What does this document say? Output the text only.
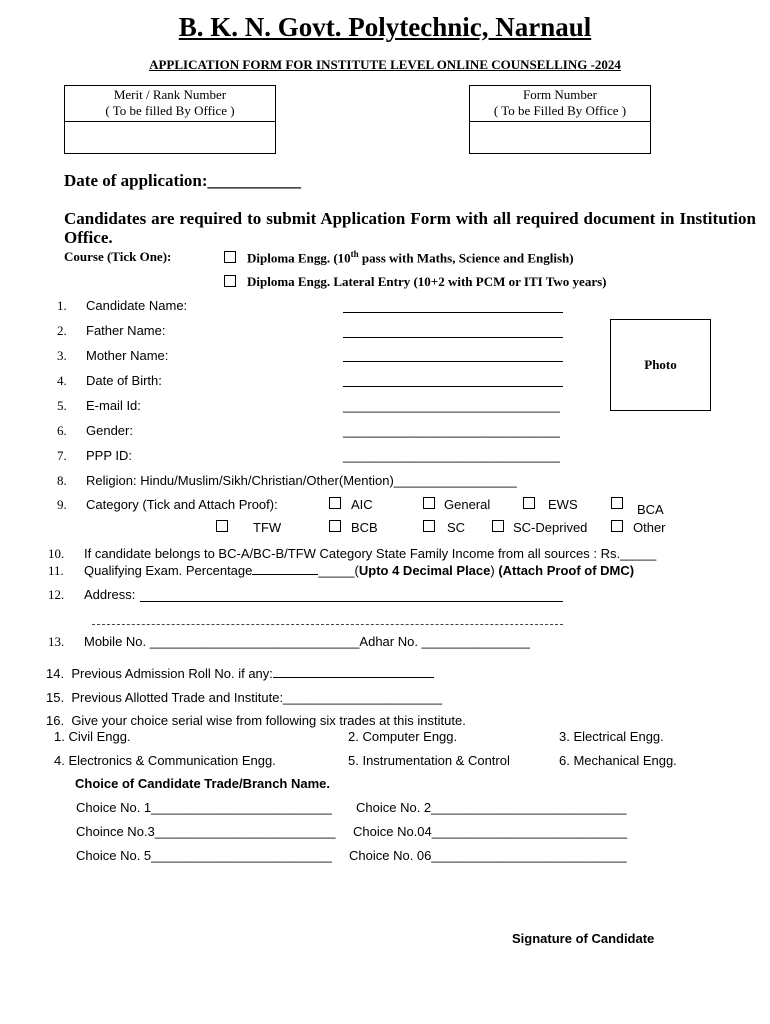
B. K. N. Govt. Polytechnic, Narnaul
APPLICATION FORM FOR INSTITUTE LEVEL ONLINE COUNSELLING -2024
Merit / Rank Number
( To be filled By Office )
Form Number
( To be Filled By Office )
Date of application:___________
Candidates are required to submit Application Form with all required document in Institution Office.
Course (Tick One):	Diploma Engg. (10th pass with Maths, Science and English)
Diploma Engg. Lateral Entry (10+2 with PCM or ITI Two years)
1. Candidate Name:
2. Father Name:
3. Mother Name:
4. Date of Birth:
5. E-mail Id:	______________________________
6. Gender:	______________________________
7. PPP ID:	______________________________
Photo
8. Religion: Hindu/Muslim/Sikh/Christian/Other(Mention)_________________
9. Category (Tick and Attach Proof):	AIC	General	EWS	BCA
TFW	BCB	SC	SC-Deprived	Other
10. If candidate belongs to BC-A/BC-B/TFW Category State Family Income from all sources : Rs._____
11. Qualifying Exam. Percentage	_____(Upto 4 Decimal Place) (Attach Proof of DMC)
12. Address:
13. Mobile No. _____________________________Adhar No. _______________
14. Previous Admission Roll No. if any:
15. Previous Allotted Trade and Institute:______________________
16. Give your choice serial wise from following six trades at this institute.
1. Civil Engg.	2. Computer Engg.	3. Electrical Engg.
4. Electronics & Communication Engg.	5. Instrumentation & Control	6. Mechanical Engg.
Choice of Candidate Trade/Branch Name.
Choice No. 1_________________________ Choice No. 2___________________________
Choince No.3_________________________ Choice No.04___________________________
Choice No. 5_________________________ Choice No. 06___________________________
Signature of Candidate
